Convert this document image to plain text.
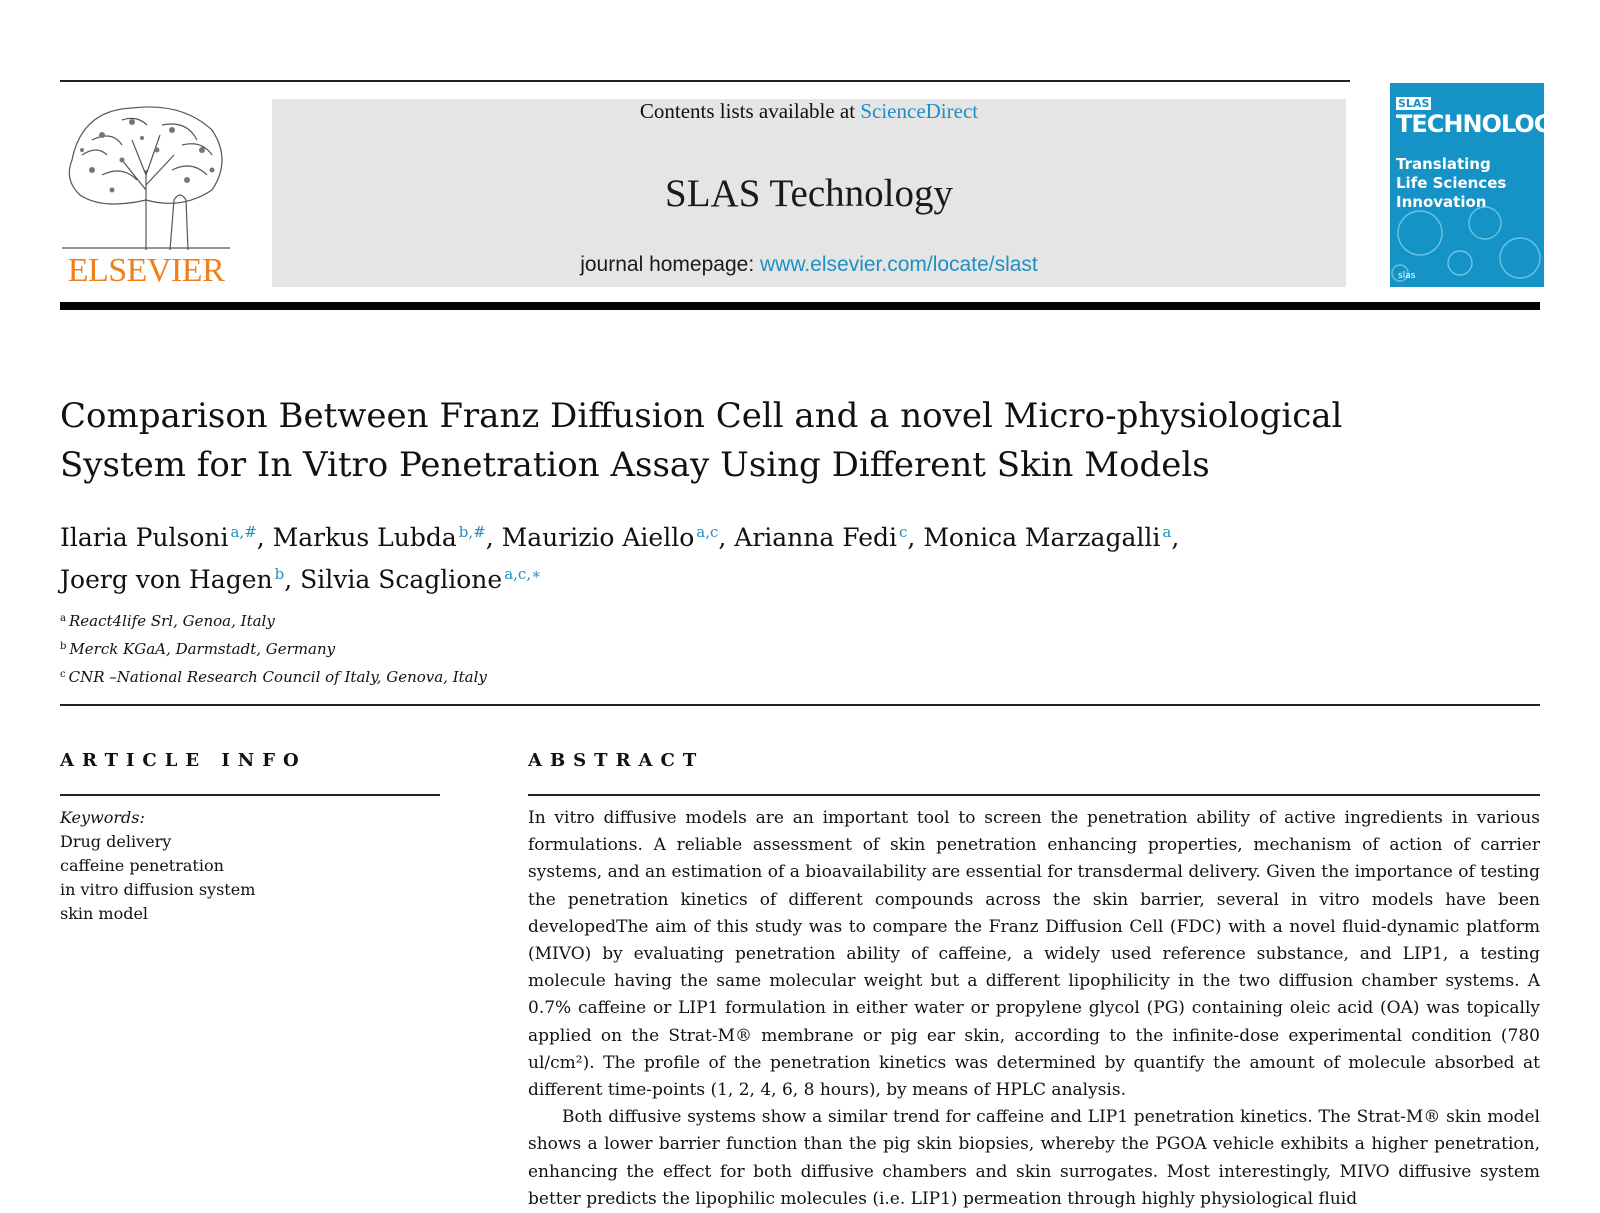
ELSEVIER
Contents lists available at ScienceDirect
SLAS Technology
journal homepage: www.elsevier.com/locate/slast
SLAS
TECHNOLOGY
Translating
Life Sciences
Innovation
slas
Comparison Between Franz Diffusion Cell and a novel Micro-physiological
System for In Vitro Penetration Assay Using Different Skin Models
Ilaria Pulsoni $^{a,\#}$, Markus Lubda $^{b,\#}$, Maurizio Aiello $^{a,c}$, Arianna Fedi $^c$, Monica Marzagalli $^a$,
Joerg von Hagen $^b$, Silvia Scaglione $^{a,c,∗}$
$^a$ React4life Srl, Genoa, Italy
$^b$ Merck KGaA, Darmstadt, Germany
$^c$ CNR –National Research Council of Italy, Genova, Italy
ARTICLE INFO
Keywords:
Drug delivery
caffeine penetration
in vitro diffusion system
skin model
ABSTRACT

In vitro diffusive models are an important tool to screen the penetration ability of active ingredients in various formulations. A reliable assessment of skin penetration enhancing properties, mechanism of action of carrier systems, and an estimation of a bioavailability are essential for transdermal delivery. Given the importance of testing the penetration kinetics of different compounds across the skin barrier, several in vitro models have been developedThe aim of this study was to compare the Franz Diffusion Cell (FDC) with a novel fluid-dynamic platform (MIVO) by evaluating penetration ability of caffeine, a widely used reference substance, and LIP1, a testing molecule having the same molecular weight but a different lipophilicity in the two diffusion chamber systems. A 0.7% caffeine or LIP1 formulation in either water or propylene glycol (PG) containing oleic acid (OA) was topically applied on the Strat-M® membrane or pig ear skin, according to the infinite-dose experimental condition (780 ul/cm²). The profile of the penetration kinetics was determined by quantify the amount of molecule absorbed at different time-points (1, 2, 4, 6, 8 hours), by means of HPLC analysis.

Both diffusive systems show a similar trend for caffeine and LIP1 penetration kinetics. The Strat-M® skin model shows a lower barrier function than the pig skin biopsies, whereby the PGOA vehicle exhibits a higher penetration, enhancing the effect for both diffusive chambers and skin surrogates. Most interestingly, MIVO diffusive system better predicts the lipophilic molecules (i.e. LIP1) permeation through highly physiological fluid
